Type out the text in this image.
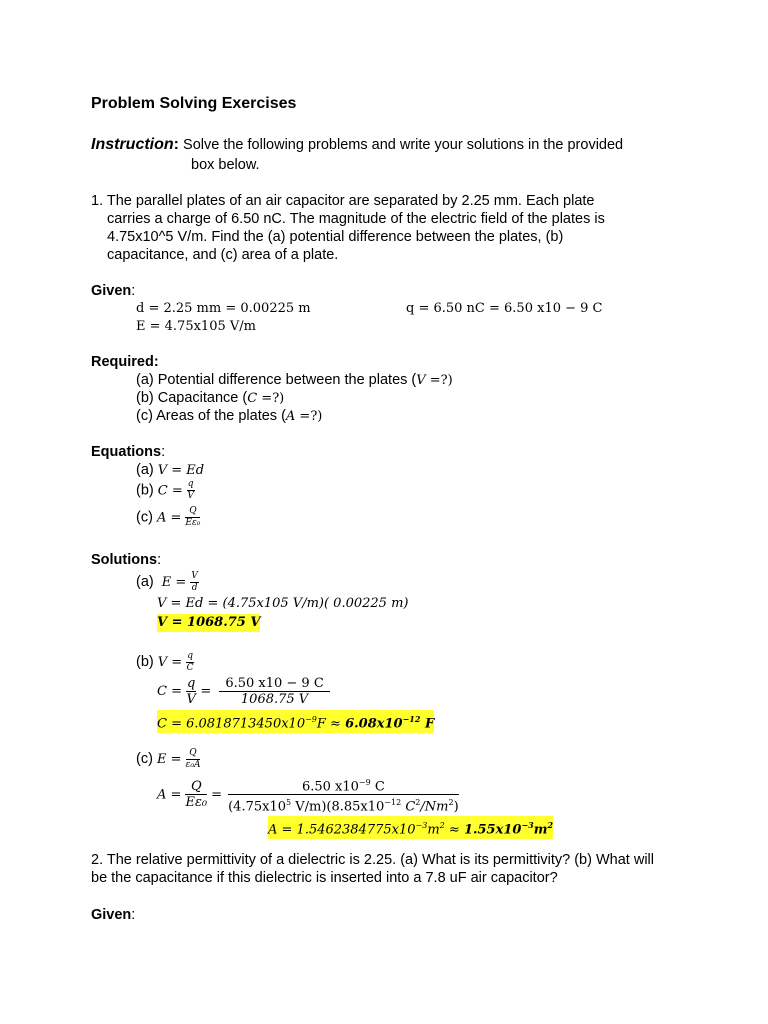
Problem Solving Exercises
Instruction: Solve the following problems and write your solutions in the provided
box below.
1. The parallel plates of an air capacitor are separated by 2.25 mm. Each plate
carries a charge of 6.50 nC. The magnitude of the electric field of the plates is
4.75x10^5 V/m. Find the (a) potential difference between the plates, (b)
capacitance, and (c) area of a plate.
Given:
d = 2.25 mm = 0.00225 m	q = 6.50 nC = 6.50 x10 − 9 C
E = 4.75x105 V/m
Required:
(a) Potential difference between the plates (V =?)
(b) Capacitance (C =?)
(c) Areas of the plates (A =?)
Equations:
(a) V = Ed
(b) $C = \frac{q}{V}$
(c) $A = \frac{Q}{\text{Eε₀}}$
Solutions:
(a) $E = \frac{V}{d}$
V = Ed = (4.75x105 V/m)( 0.00225 m)
V = 1068.75 V
(b) $V = \frac{q}{C}$
$C = \frac{q}{V} = \frac{6.50 x10 - 9 C}{1068.75 V}$
$C = 6.08187134​50x10^{-9}F \approx 6.08x10^{-12}$ F
(c) $E = \frac{Q}{\text{ε₀A}}$
$A = \frac{Q}{\text{Eε₀}} = \frac{6.50 x10^{-9} C}{(4.75x10^5 V/m)(8.85x10^{-12} C^2/Nm^2)}$
$A = 1.5462384775x10^{-3}m^2 \approx 1.55x10^{-3}m^2$
2. The relative permittivity of a dielectric is 2.25. (a) What is its permittivity? (b) What will
be the capacitance if this dielectric is inserted into a 7.8 uF air capacitor?
Given:
